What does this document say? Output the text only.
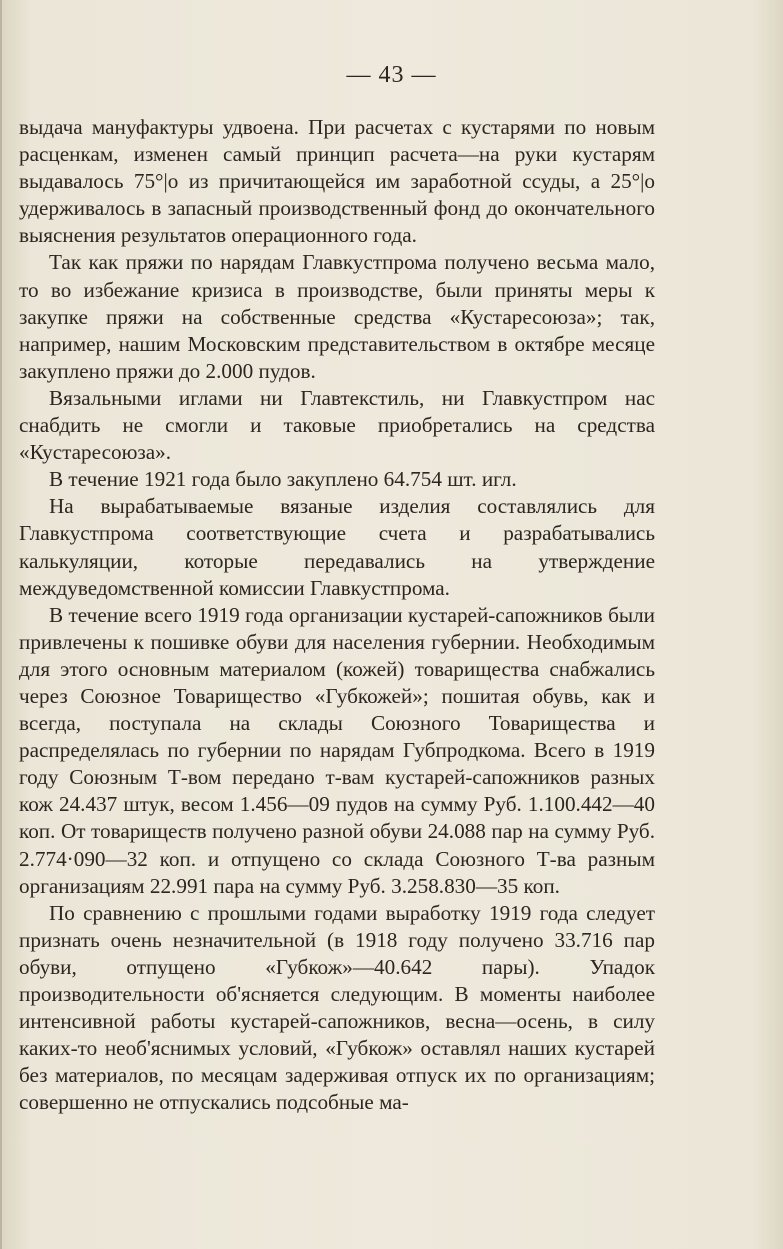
— 43 —

выдача мануфактуры удвоена. При расчетах с кустарями по новым расценкам, изменен самый принцип расчета—на руки кустарям выдавалось 75°|о из причитающейся им заработной ссуды, а 25°|о удерживалось в запасный производственный фонд до окончательного выяснения результатов операционного года.

Так как пряжи по нарядам Главкустпрома получено весьма мало, то во избежание кризиса в производстве, были приняты меры к закупке пряжи на собственные средства «Кустаресоюза»; так, например, нашим Московским представительством в октябре месяце закуплено пряжи до 2.000 пудов.

Вязальными иглами ни Главтекстиль, ни Главкустпром нас снабдить не смогли и таковые приобретались на средства «Кустаресоюза».

В течение 1921 года было закуплено 64.754 шт. игл.

На вырабатываемые вязаные изделия составлялись для Главкустпрома соответствующие счета и разрабатывались калькуляции, которые передавались на утверждение междуведомственной комиссии Главкустпрома.

В течение всего 1919 года организации кустарей-сапожников были привлечены к пошивке обуви для населения губернии. Необходимым для этого основным материалом (кожей) товарищества снабжались через Союзное Товарищество «Губкожей»; пошитая обувь, как и всегда, поступала на склады Союзного Товарищества и распределялась по губернии по нарядам Губпродкома. Всего в 1919 году Союзным Т-вом передано т-вам кустарей-сапожников разных кож 24.437 штук, весом 1.456—09 пудов на сумму Руб. 1.100.442—40 коп. От товариществ получено разной обуви 24.088 пар на сумму Руб. 2.774·090—32 коп. и отпущено со склада Союзного Т-ва разным организациям 22.991 пара на сумму Руб. 3.258.830—35 коп.

По сравнению с прошлыми годами выработку 1919 года следует признать очень незначительной (в 1918 году получено 33.716 пар обуви, отпущено «Губкож»—40.642 пары). Упадок производительности об'ясняется следующим. В моменты наиболее интенсивной работы кустарей-сапожников, весна—осень, в силу каких-то необ'яснимых условий, «Губкож» оставлял наших кустарей без материалов, по месяцам задерживая отпуск их по организациям; совершенно не отпускались подсобные ма-
